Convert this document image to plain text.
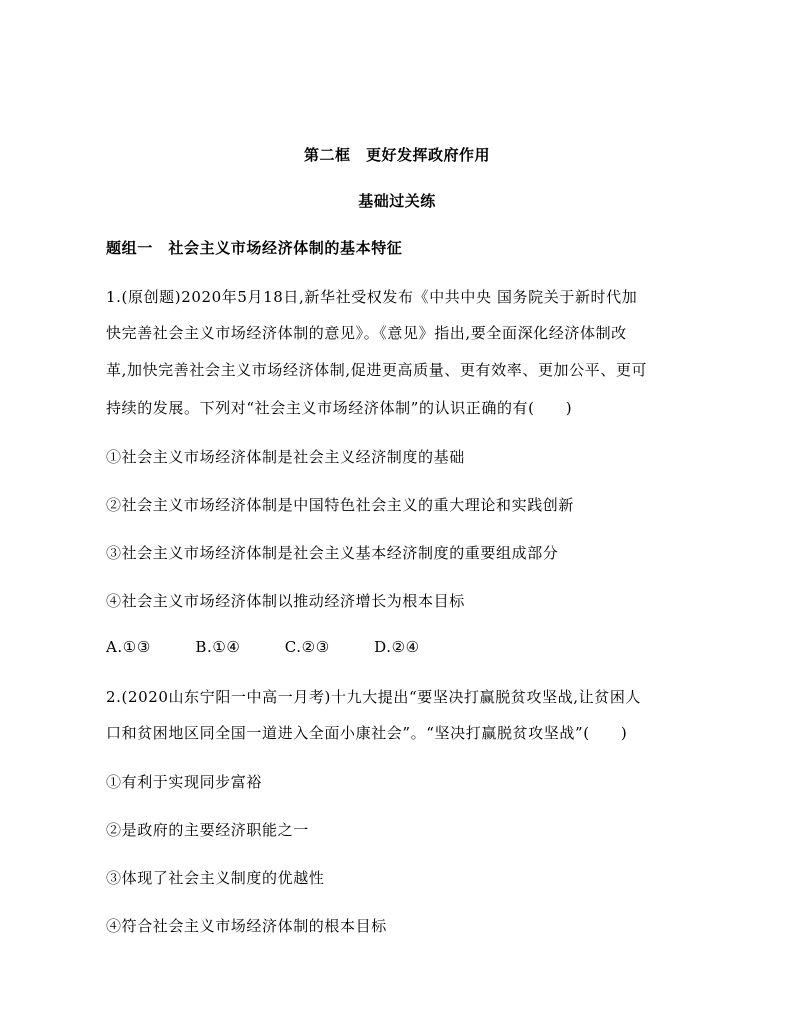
第二框　更好发挥政府作用
基础过关练
题组一　社会主义市场经济体制的基本特征
1.(原创题)2020年5月18日,新华社受权发布《中共中央 国务院关于新时代加
快完善社会主义市场经济体制的意见》。《意见》指出,要全面深化经济体制改
革,加快完善社会主义市场经济体制,促进更高质量、更有效率、更加公平、更可
持续的发展。下列对“社会主义市场经济体制”的认识正确的有(　　)
①社会主义市场经济体制是社会主义经济制度的基础
②社会主义市场经济体制是中国特色社会主义的重大理论和实践创新
③社会主义市场经济体制是社会主义基本经济制度的重要组成部分
④社会主义市场经济体制以推动经济增长为根本目标
A.①③	B.①④	C.②③	D.②④
2.(2020山东宁阳一中高一月考)十九大提出“要坚决打赢脱贫攻坚战,让贫困人
口和贫困地区同全国一道进入全面小康社会”。“坚决打赢脱贫攻坚战”(　　)
①有利于实现同步富裕
②是政府的主要经济职能之一
③体现了社会主义制度的优越性
④符合社会主义市场经济体制的根本目标
